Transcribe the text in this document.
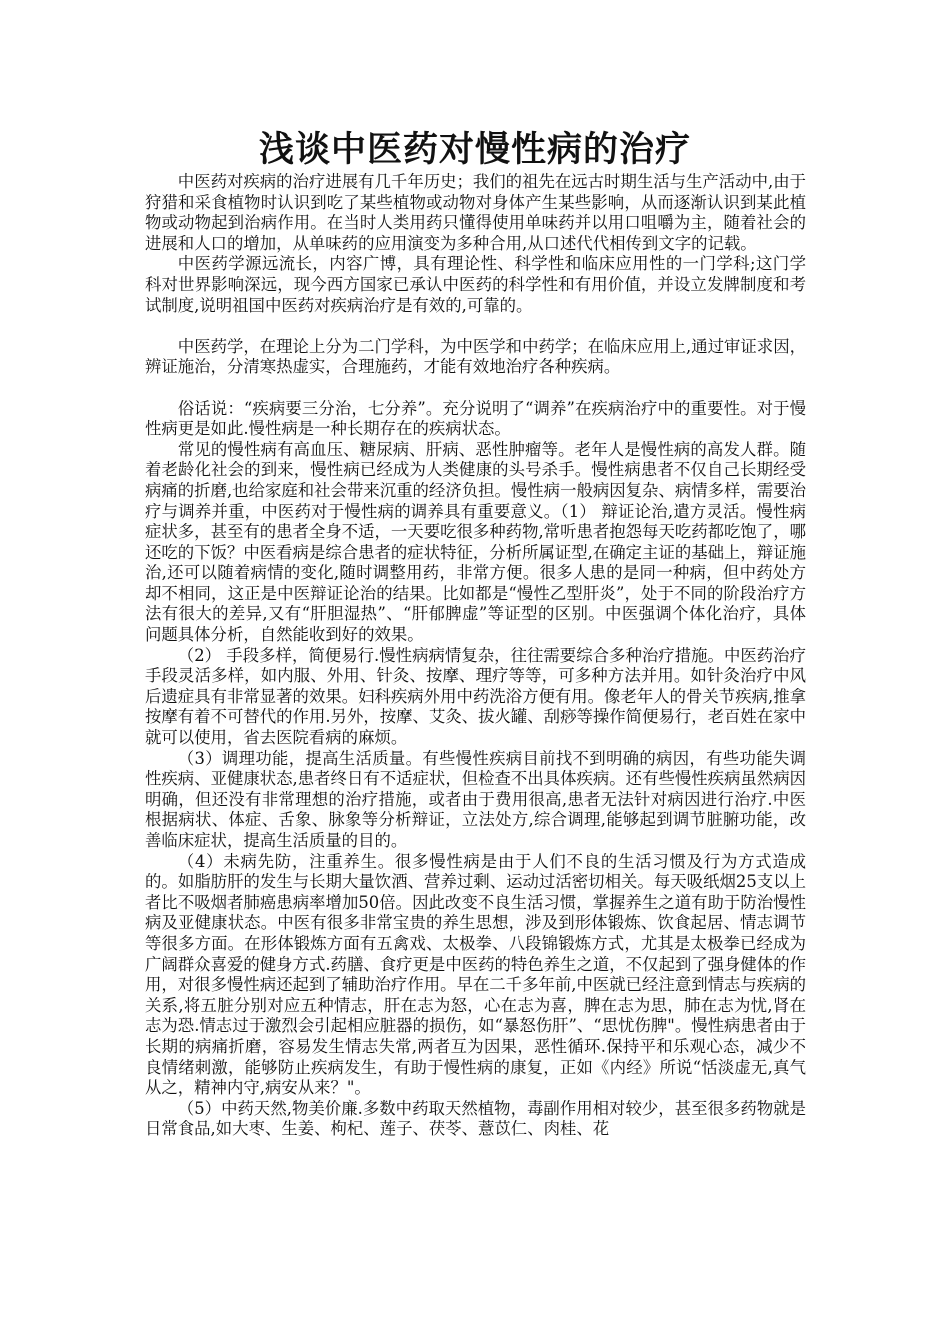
浅谈中医药对慢性病的治疗

中医药对疾病的治疗进展有几千年历史；我们的祖先在远古时期生活与生产活动中,由于狩猎和采食植物时认识到吃了某些植物或动物对身体产生某些影响，从而逐渐认识到某此植物或动物起到治病作用。在当时人类用药只懂得使用单味药并以用口咀嚼为主，随着社会的进展和人口的增加，从单味药的应用演变为多种合用,从口述代代相传到文字的记载。

中医药学源远流长，内容广博，具有理论性、科学性和临床应用性的一门学科;这门学科对世界影响深远，现今西方国家已承认中医药的科学性和有用价值，并设立发牌制度和考试制度,说明祖国中医药对疾病治疗是有效的,可靠的。

中医药学，在理论上分为二门学科，为中医学和中药学；在临床应用上,通过审证求因，辨证施治，分清寒热虚实，合理施药，才能有效地治疗各种疾病。

俗话说：“疾病要三分治，七分养”。充分说明了“调养”在疾病治疗中的重要性。对于慢性病更是如此.慢性病是一种长期存在的疾病状态。

常见的慢性病有高血压、糖尿病、肝病、恶性肿瘤等。老年人是慢性病的高发人群。随着老龄化社会的到来，慢性病已经成为人类健康的头号杀手。慢性病患者不仅自己长期经受病痛的折磨,也给家庭和社会带来沉重的经济负担。慢性病一般病因复杂、病情多样，需要治疗与调养并重，中医药对于慢性病的调养具有重要意义。（1） 辩证论治,遣方灵活。慢性病症状多，甚至有的患者全身不适，一天要吃很多种药物,常听患者抱怨每天吃药都吃饱了，哪还吃的下饭？中医看病是综合患者的症状特征，分析所属证型,在确定主证的基础上，辩证施治,还可以随着病情的变化,随时调整用药，非常方便。很多人患的是同一种病，但中药处方却不相同，这正是中医辩证论治的结果。比如都是“慢性乙型肝炎”，处于不同的阶段治疗方法有很大的差异,又有“肝胆湿热”、“肝郁脾虚”等证型的区别。中医强调个体化治疗，具体问题具体分析，自然能收到好的效果。

（2） 手段多样，简便易行.慢性病病情复杂，往往需要综合多种治疗措施。中医药治疗手段灵活多样，如内服、外用、针灸、按摩、理疗等等，可多种方法并用。如针灸治疗中风后遗症具有非常显著的效果。妇科疾病外用中药洗浴方便有用。像老年人的骨关节疾病,推拿按摩有着不可替代的作用.另外，按摩、艾灸、拔火罐、刮痧等操作简便易行，老百姓在家中就可以使用，省去医院看病的麻烦。

（3）调理功能，提高生活质量。有些慢性疾病目前找不到明确的病因，有些功能失调性疾病、亚健康状态,患者终日有不适症状，但检查不出具体疾病。还有些慢性疾病虽然病因明确，但还没有非常理想的治疗措施，或者由于费用很高,患者无法针对病因进行治疗.中医根据病状、体症、舌象、脉象等分析辩证，立法处方,综合调理,能够起到调节脏腑功能，改善临床症状，提高生活质量的目的。

（4）未病先防，注重养生。很多慢性病是由于人们不良的生活习惯及行为方式造成的。如脂肪肝的发生与长期大量饮酒、营养过剩、运动过活密切相关。每天吸纸烟25支以上者比不吸烟者肺癌患病率增加50倍。因此改变不良生活习惯，掌握养生之道有助于防治慢性病及亚健康状态。中医有很多非常宝贵的养生思想，涉及到形体锻炼、饮食起居、情志调节等很多方面。在形体锻炼方面有五禽戏、太极拳、八段锦锻炼方式，尤其是太极拳已经成为广阔群众喜爱的健身方式.药膳、食疗更是中医药的特色养生之道，不仅起到了强身健体的作用，对很多慢性病还起到了辅助治疗作用。早在二千多年前,中医就已经注意到情志与疾病的关系,将五脏分别对应五种情志，肝在志为怒，心在志为喜，脾在志为思，肺在志为忧,肾在志为恐.情志过于激烈会引起相应脏器的损伤，如“暴怒伤肝”、“思忧伤脾"。慢性病患者由于长期的病痛折磨，容易发生情志失常,两者互为因果，恶性循环.保持平和乐观心态，减少不良情绪刺激，能够防止疾病发生，有助于慢性病的康复，正如《内经》所说“恬淡虚无,真气从之，精神内守,病安从来？"。

（5）中药天然,物美价廉.多数中药取天然植物，毒副作用相对较少，甚至很多药物就是日常食品,如大枣、生姜、枸杞、莲子、茯苓、薏苡仁、肉桂、花
